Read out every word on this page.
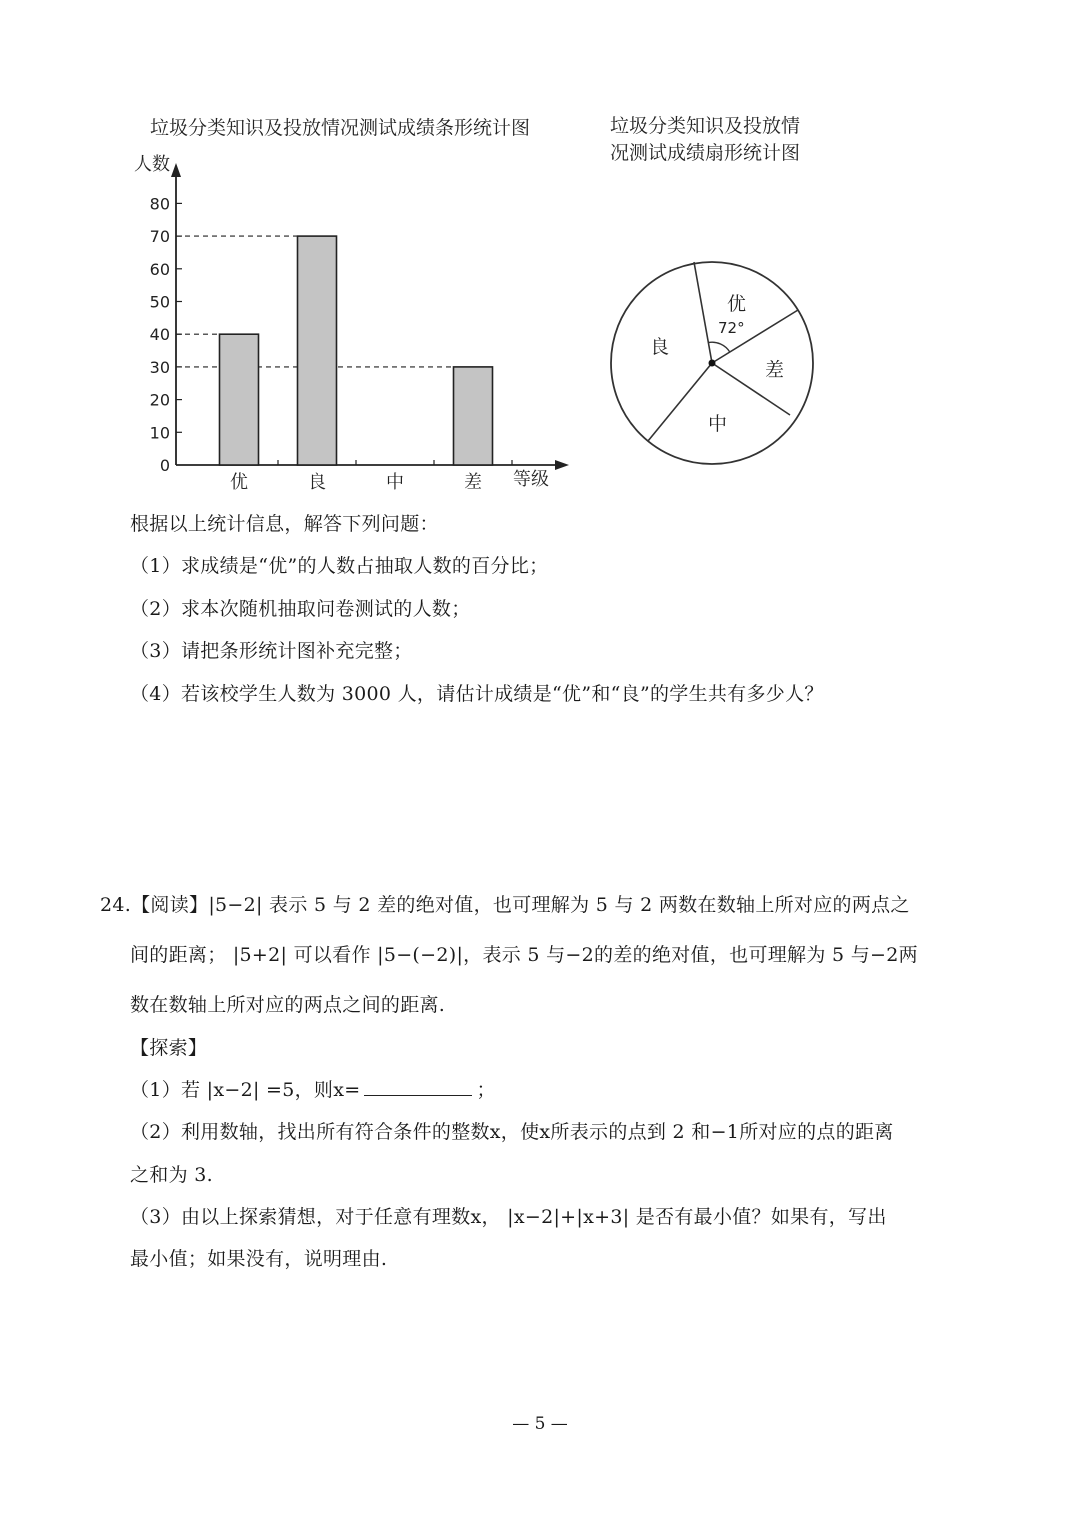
垃圾分类知识及投放情况测试成绩条形统计图
0
10
20
30
40
50
60
70
80
优	良	中	差
人数
等级
垃圾分类知识及投放情
况测试成绩扇形统计图
优
72°
良
中
差
根据以上统计信息，解答下列问题：
（1）求成绩是“优”的人数占抽取人数的百分比；
（2）求本次随机抽取问卷测试的人数；
（3）请把条形统计图补充完整；
（4）若该校学生人数为 3000 人，请估计成绩是“优”和“良”的学生共有多少人？
24.【阅读】|5−2| 表示 5 与 2 差的绝对值，也可理解为 5 与 2 两数在数轴上所对应的两点之
间的距离； |5+2| 可以看作 |5−(−2)|，表示 5 与−2的差的绝对值，也可理解为 5 与−2两
数在数轴上所对应的两点之间的距离.
【探索】
（1）若 |x−2| =5，则x=	；
（2）利用数轴，找出所有符合条件的整数x，使x所表示的点到 2 和−1所对应的点的距离
之和为 3.
（3）由以上探索猜想，对于任意有理数x， |x−2|+|x+3| 是否有最小值？如果有，写出
最小值；如果没有，说明理由.
— 5 —
